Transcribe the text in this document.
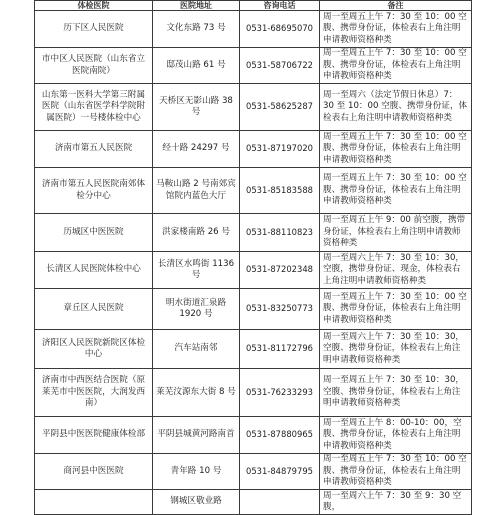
体检医院	医院地址	咨询电话	备注
历下区人民医院	文化东路 73 号	0531-68695070	周一至周五上午 7：30 至 10：00 空腹、携带身份证，体检表右上角注明申请教师资格种类
市中区人民医院（山东省立医院南院）	邸茂山路 61 号	0531-58706722	周一至周五上午 7：30 至 10：00 空腹、携带身份证，体检表右上角注明申请教师资格种类
山东第一医科大学第三附属医院（山东省医学科学院附属医院）一号楼体检中心	天桥区无影山路 38 号	0531-58625287	周一至周六（法定节假日休息）7：30 至 10：00 空腹、携带身份证，体检表右上角注明申请教师资格种类
济南市第五人民医院	经十路 24297 号	0531-87197020	周一至周五上午 7：30 至 10：00 空腹、携带身份证，体检表右上角注明申请教师资格种类
济南市第五人民医院南郊体检分中心	马鞍山路 2 号南郊宾馆院内蓝色大厅	0531-85183588	周一至周五上午 7：30 至 10：00 空腹、携带身份证，体检表右上角注明申请教师资格种类
历城区中医医院	洪家楼南路 26 号	0531-88110823	周一至周五上午 9：00 前空腹，携带身份证，体检表右上角注明申请教师资格种类
长清区人民医院体检中心	长清区水鸣街 1136 号	0531-87202348	周一至周六上午 7：30 至 10：30，空腹，携带身份证、现金，体检表右上角注明申请教师资格种类
章丘区人民医院	明水街道汇泉路 1920 号	0531-83250773	周一至周五上午 7：30 至 10：00 空腹、携带身份证，体检表右上角注明申请教师资格种类
济阳区人民医院新院区体检中心	汽车站南邻	0531-81172796	周一至周六上午 7：30 至 10：30，空腹、携带身份证，体检表右上角注明申请教师资格种类
济南市中西医结合医院（原莱芜市中医医院，大润发西南）	莱芜汶源东大街 8 号	0531-76233293	周一至周五上午 7：30 至 10：30，空腹、携带身份证，体检表右上角注明申请教师资格种类
平阴县中医医院健康体检部	平阴县城黄河路南首	0531-87880965	周一至周五上午 8：00-10：00，空腹、携带身份证，体检表右上角注明申请教师资格种类
商河县中医医院	青年路 10 号	0531-84879795	周一至周五上午 7：30 至 10：00 空腹、携带身份证，体检表右上角注明申请教师资格种类
	钢城区敬业路		周一至周六上午 7：30 至 9：30 空腹，
